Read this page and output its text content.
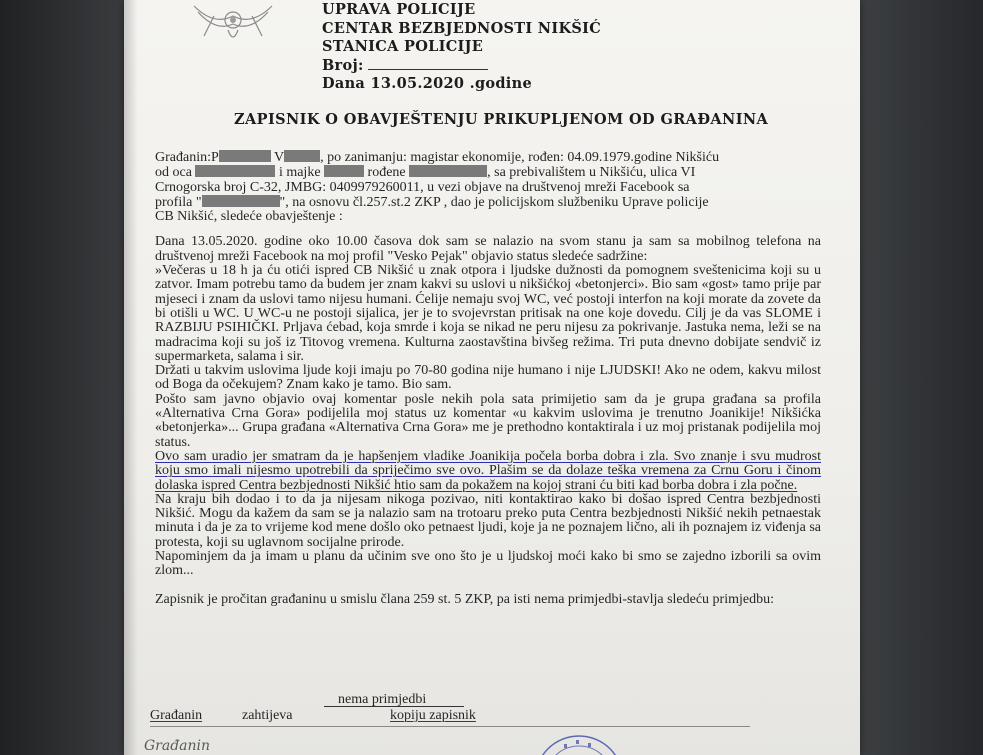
UPRAVA POLICIJE
CENTAR BEZBJEDNOSTI NIKŠIĆ
STANICA POLICIJE
Broj:
Dana 13.05.2020 .godine
ZAPISNIK O OBAVJEŠTENJU PRIKUPLJENOM OD GRAĐANINA

Građanin:P	V	, po zanimanju: magistar ekonomije, rođen: 04.09.1979.godine Nikšiću
od oca	i majke	rođene	, sa prebivalištem u Nikšiću, ulica VI
Crnogorska broj C-32, JMBG: 0409979260011, u vezi objave na društvenoj mreži Facebook sa
profila "	", na osnovu čl.257.st.2 ZKP , dao je policijskom službeniku Uprave policije
CB Nikšić, sledeće obavještenje :

Dana 13.05.2020. godine oko 10.00 časova dok sam se nalazio na svom stanu ja sam sa mobilnog telefona na društvenoj mreži Facebook na moj profil "Vesko Pejak" objavio status sledeće sadržine:

»Večeras u 18 h ja ću otići ispred CB Nikšić u znak otpora i ljudske dužnosti da pomognem sveštenicima koji su u zatvor. Imam potrebu tamo da budem jer znam kakvi su uslovi u nikšićkoj «betonjerci». Bio sam «gost» tamo prije par mjeseci i znam da uslovi tamo nijesu humani. Ćelije nemaju svoj WC, već postoji interfon na koji morate da zovete da bi otišli u WC. U WC-u ne postoji sijalica, jer je to svojevrstan pritisak na one koje dovedu. Cilj je da vas SLOME i RAZBIJU PSIHIČKI. Prljava ćebad, koja smrde i koja se nikad ne peru nijesu za pokrivanje. Jastuka nema, leži se na madracima koji su još iz Titovog vremena. Kulturna zaostavština bivšeg režima. Tri puta dnevno dobijate sendvič iz supermarketa, salama i sir.

Držati u takvim uslovima ljude koji imaju po 70-80 godina nije humano i nije LJUDSKI! Ako ne odem, kakvu milost od Boga da očekujem? Znam kako je tamo. Bio sam.

Pošto sam javno objavio ovaj komentar posle nekih pola sata primijetio sam da je grupa građana sa profila «Alternativa Crna Gora» podijelila moj status uz komentar «u kakvim uslovima je trenutno Joanikije! Nikšićka «betonjerka»... Grupa građana «Alternativa Crna Gora» me je prethodno kontaktirala i uz moj pristanak podijelila moj status.

Ovo sam uradio jer smatram da je hapšenjem vladike Joanikija počela borba dobra i zla. Svo znanje i svu mudrost koju smo imali nijesmo upotrebili da spriječimo sve ovo. Plašim se da dolaze teška vremena za Crnu Goru i činom dolaska ispred Centra bezbjednosti Nikšić htio sam da pokažem na kojoj strani ću biti kad borba dobra i zla počne.

Na kraju bih dodao i to da ja nijesam nikoga pozivao, niti kontaktirao kako bi došao ispred Centra bezbjednosti Nikšić. Mogu da kažem da sam se ja nalazio sam na trotoaru preko puta Centra bezbjednosti Nikšić nekih petnaestak minuta i da je za to vrijeme kod mene došlo oko petnaest ljudi, koje ja ne poznajem lično, ali ih poznajem iz viđenja sa protesta, koji su uglavnom socijalne prirode.

Napominjem da ja imam u planu da učinim sve ono što je u ljudskoj moći kako bi smo se zajedno izborili sa ovim zlom...

Zapisnik je pročitan građaninu u smislu člana 259 st. 5 ZKP, pa isti nema primjedbi-stavlja sledeću primjedbu:

nema primjedbi
Građanin	zahtijeva	kopiju zapisnik
Građanin
